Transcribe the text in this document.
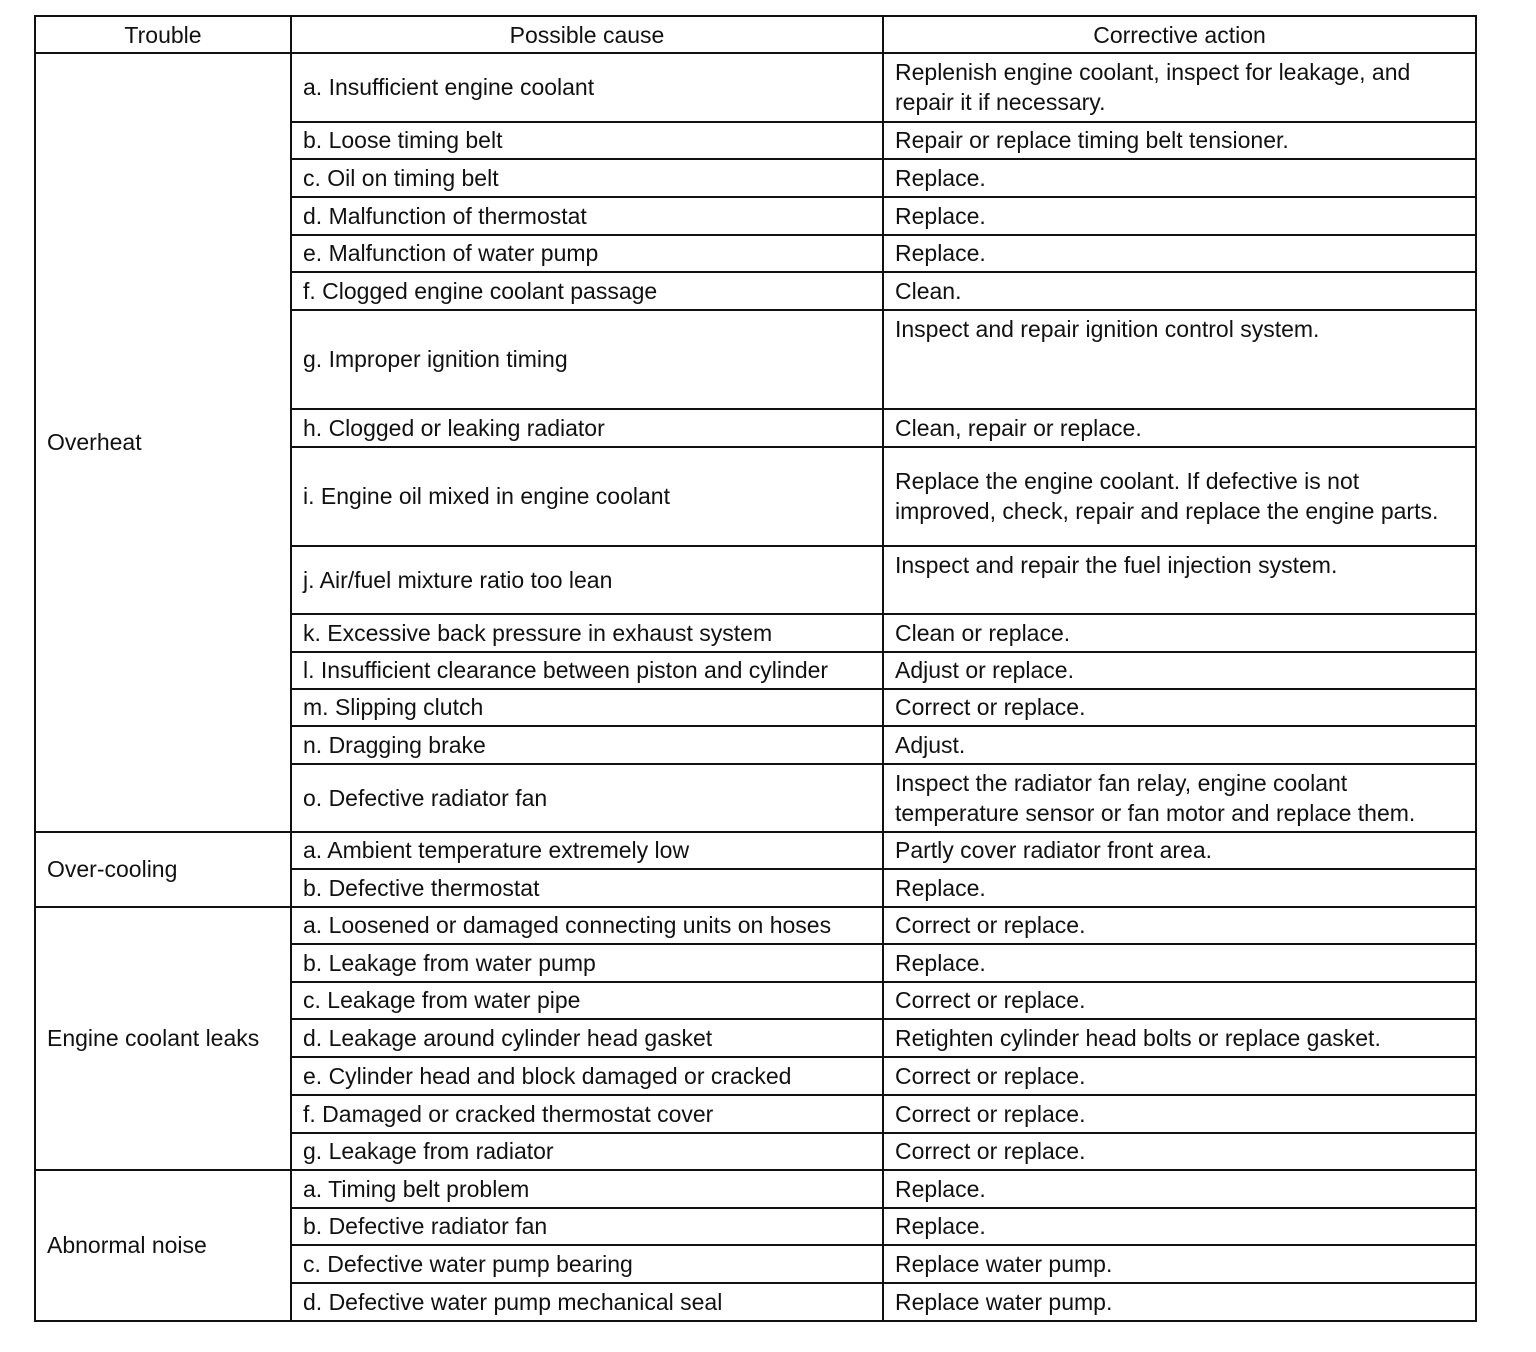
Trouble	Possible cause	Corrective action
Overheat	a. Insufficient engine coolant	Replenish engine coolant, inspect for leakage, and repair it if necessary.
	b. Loose timing belt	Repair or replace timing belt tensioner.
	c. Oil on timing belt	Replace.
	d. Malfunction of thermostat	Replace.
	e. Malfunction of water pump	Replace.
	f. Clogged engine coolant passage	Clean.
	g. Improper ignition timing	Inspect and repair ignition control system.
	h. Clogged or leaking radiator	Clean, repair or replace.
	i. Engine oil mixed in engine coolant	Replace the engine coolant. If defective is not improved, check, repair and replace the engine parts.
	j. Air/fuel mixture ratio too lean	Inspect and repair the fuel injection system.
	k. Excessive back pressure in exhaust system	Clean or replace.
	l. Insufficient clearance between piston and cylinder	Adjust or replace.
	m. Slipping clutch	Correct or replace.
	n. Dragging brake	Adjust.
	o. Defective radiator fan	Inspect the radiator fan relay, engine coolant temperature sensor or fan motor and replace them.
Over-cooling	a. Ambient temperature extremely low	Partly cover radiator front area.
	b. Defective thermostat	Replace.
Engine coolant leaks	a. Loosened or damaged connecting units on hoses	Correct or replace.
	b. Leakage from water pump	Replace.
	c. Leakage from water pipe	Correct or replace.
	d. Leakage around cylinder head gasket	Retighten cylinder head bolts or replace gasket.
	e. Cylinder head and block damaged or cracked	Correct or replace.
	f. Damaged or cracked thermostat cover	Correct or replace.
	g. Leakage from radiator	Correct or replace.
Abnormal noise	a. Timing belt problem	Replace.
	b. Defective radiator fan	Replace.
	c. Defective water pump bearing	Replace water pump.
	d. Defective water pump mechanical seal	Replace water pump.
